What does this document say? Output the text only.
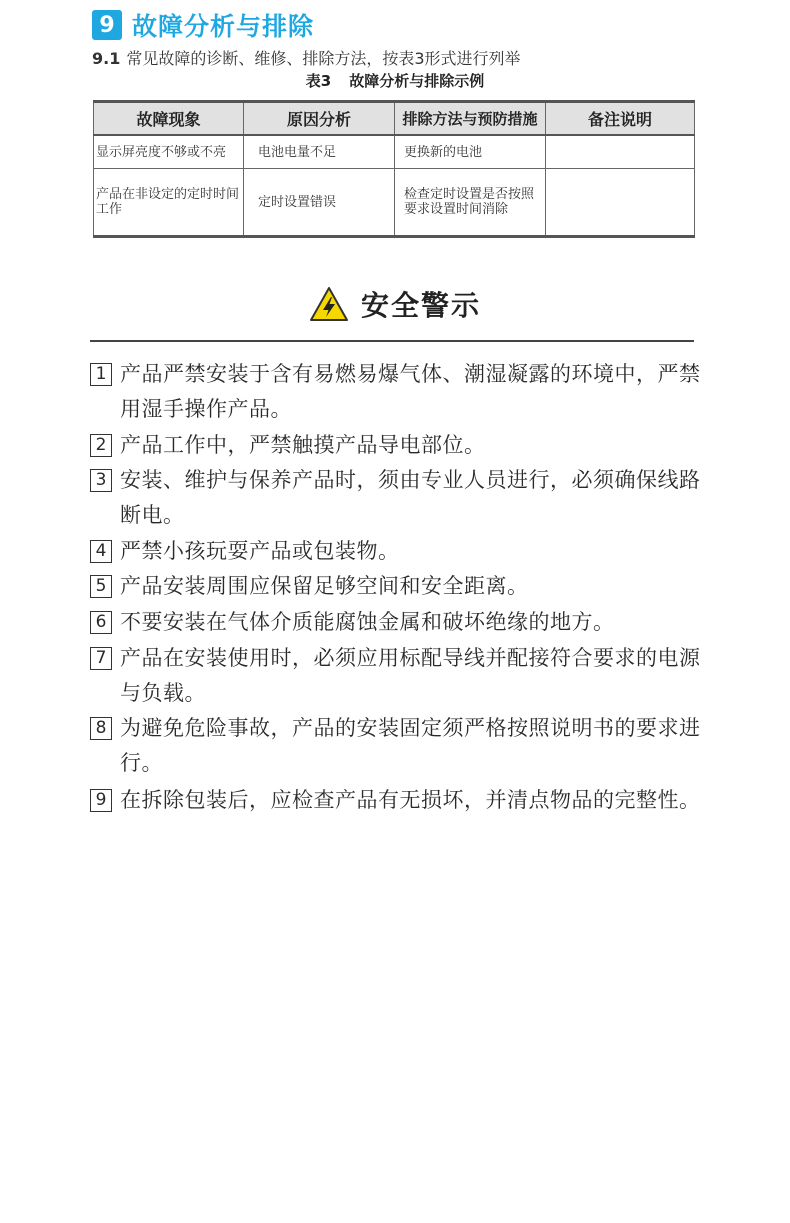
9 故障分析与排除
9.1 常见故障的诊断、维修、排除方法，按表3形式进行列举
表3 故障分析与排除示例
故障现象	原因分析	排除方法与预防措施	备注说明
显示屏亮度不够或不亮	电池电量不足	更换新的电池	
产品在非设定的定时时间工作	定时设置错误	检查定时设置是否按照要求设置时间消除	
安全警示
1 产品严禁安装于含有易燃易爆气体、潮湿凝露的环境中，严禁用湿手操作产品。
2 产品工作中，严禁触摸产品导电部位。
3 安装、维护与保养产品时，须由专业人员进行，必须确保线路断电。
4 严禁小孩玩耍产品或包装物。
5 产品安装周围应保留足够空间和安全距离。
6 不要安装在气体介质能腐蚀金属和破坏绝缘的地方。
7 产品在安装使用时，必须应用标配导线并配接符合要求的电源与负载。
8 为避免危险事故，产品的安装固定须严格按照说明书的要求进行。
9 在拆除包装后，应检查产品有无损坏，并清点物品的完整性。
